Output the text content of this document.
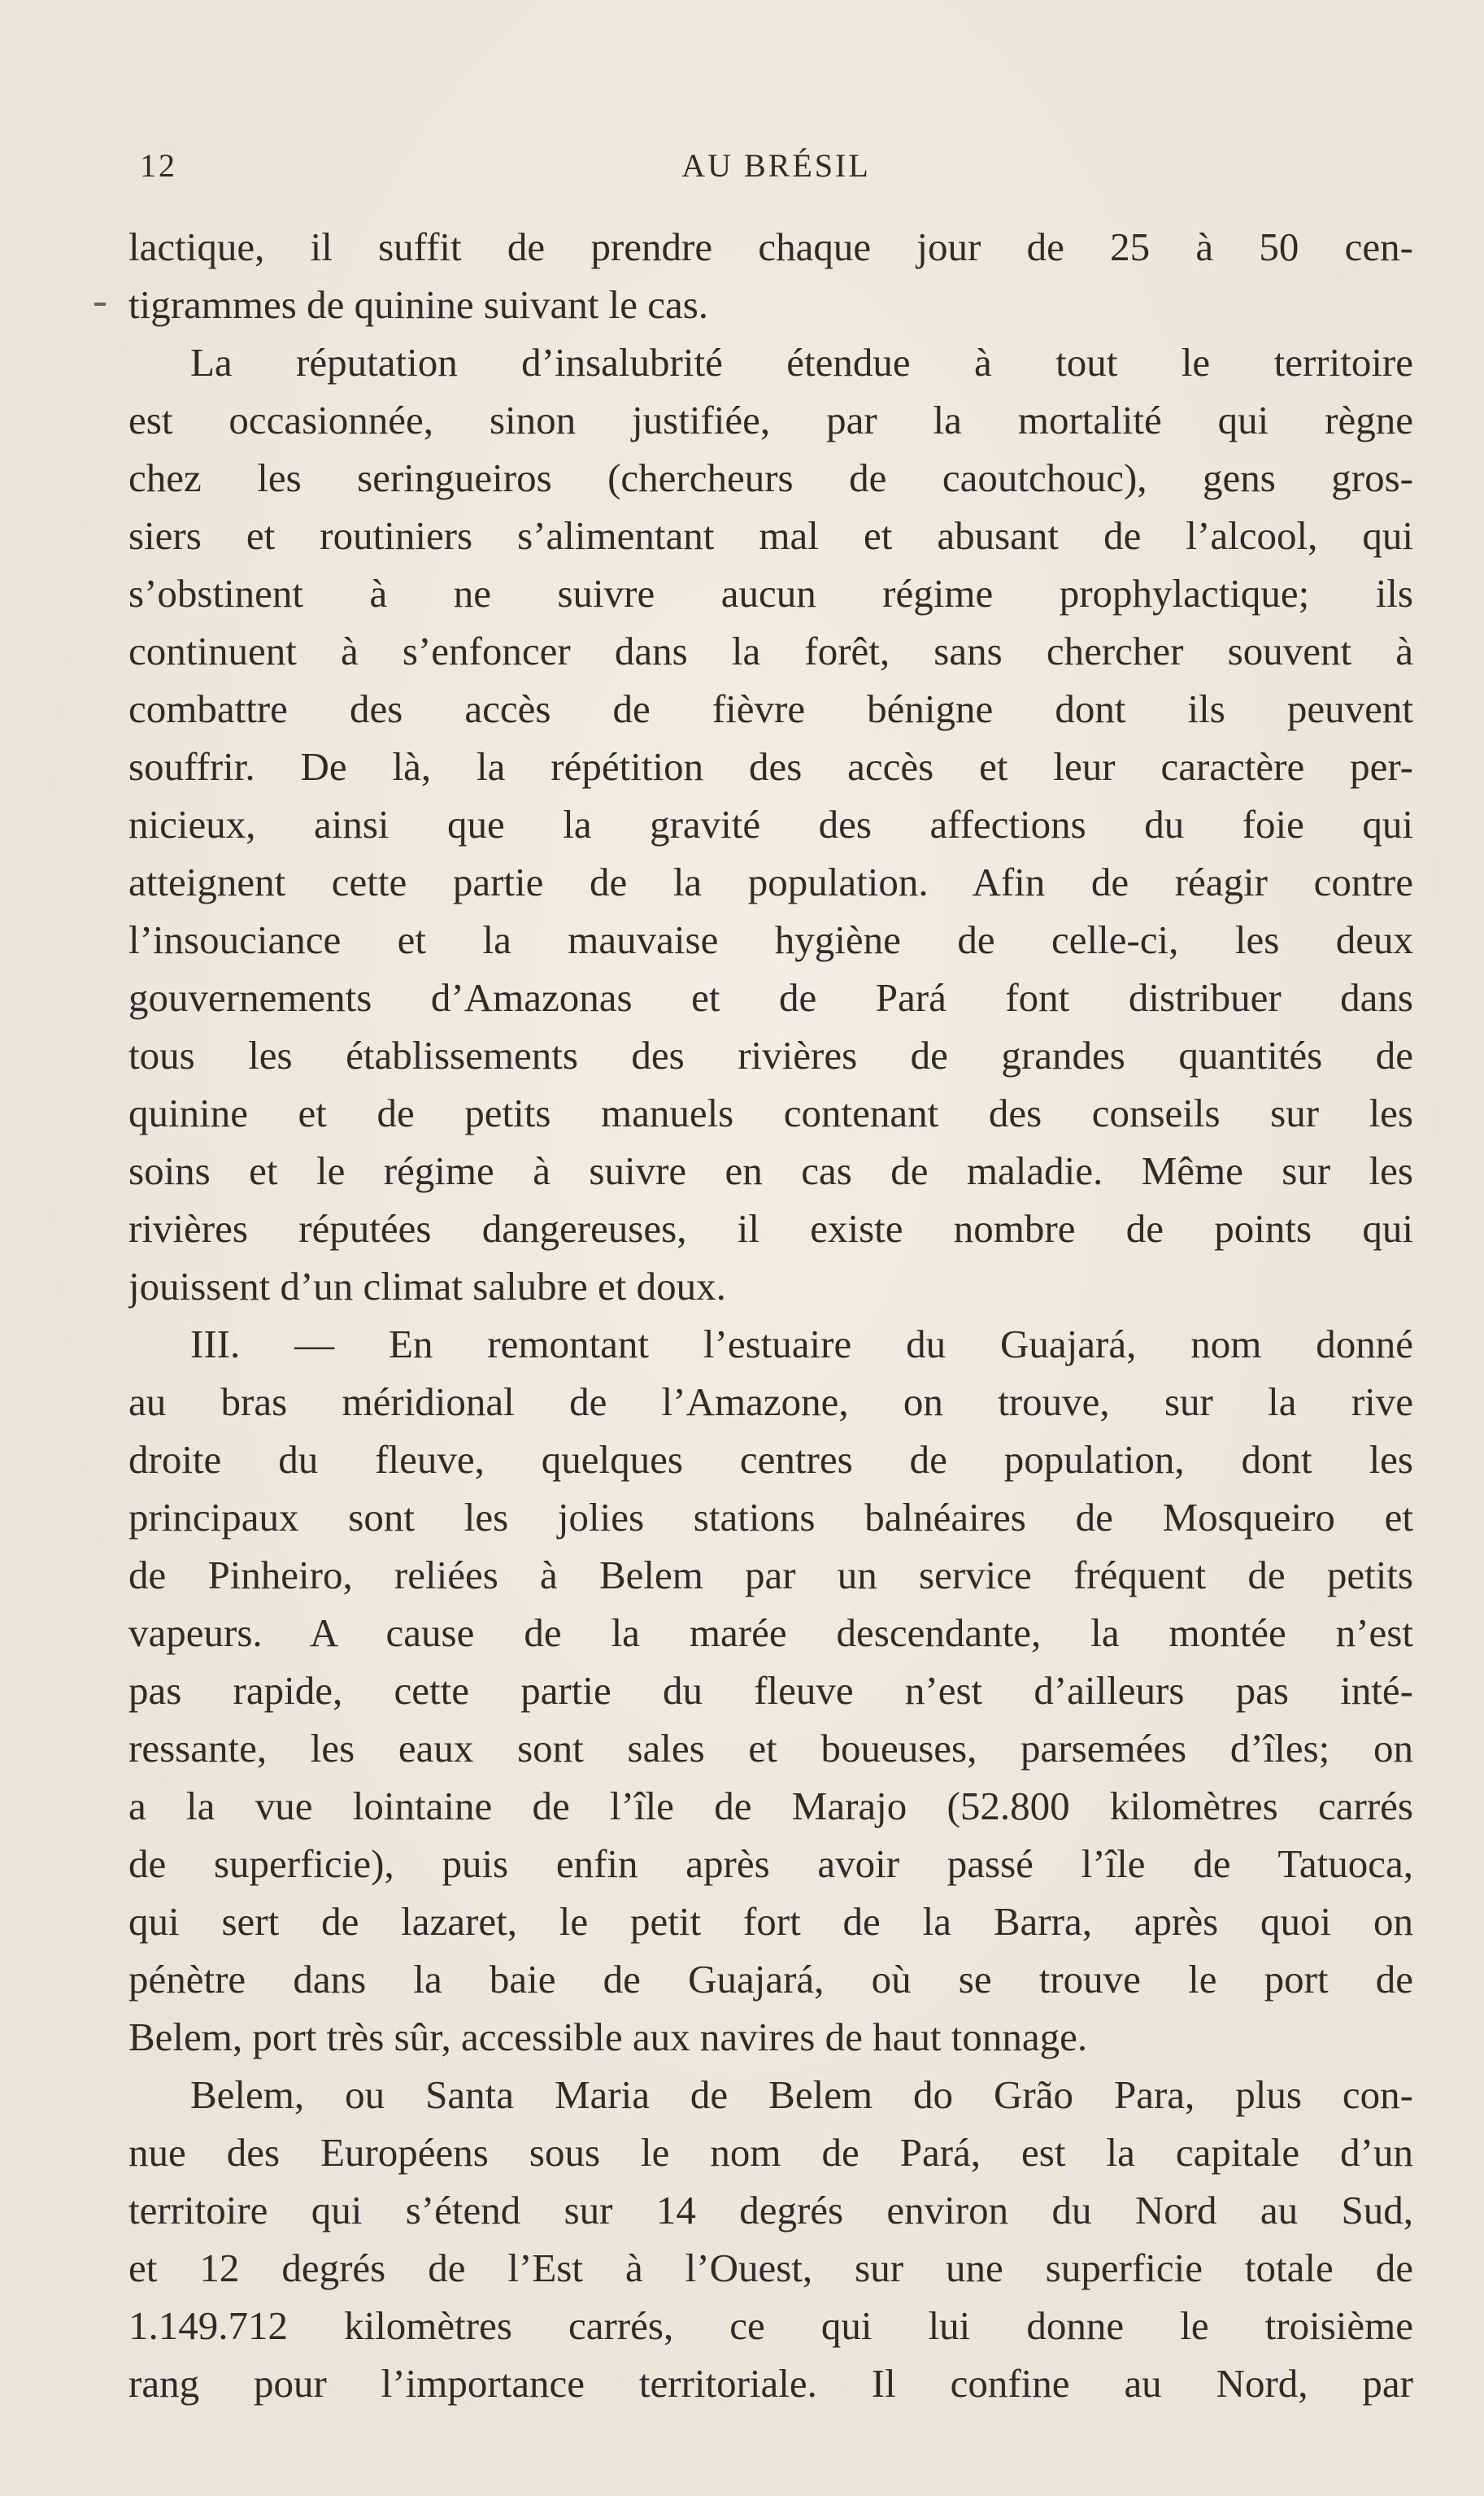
12	AU BRÉSIL
lactique, il suffit de prendre chaque jour de 25 à 50 cen-
tigrammes de quinine suivant le cas.
La réputation d’insalubrité étendue à tout le territoire
est occasionnée, sinon justifiée, par la mortalité qui règne
chez les seringueiros (chercheurs de caoutchouc), gens gros-
siers et routiniers s’alimentant mal et abusant de l’alcool, qui
s’obstinent à ne suivre aucun régime prophylactique; ils
continuent à s’enfoncer dans la forêt, sans chercher souvent à
combattre des accès de fièvre bénigne dont ils peuvent
souffrir. De là, la répétition des accès et leur caractère per-
nicieux, ainsi que la gravité des affections du foie qui
atteignent cette partie de la population. Afin de réagir contre
l’insouciance et la mauvaise hygiène de celle-ci, les deux
gouvernements d’Amazonas et de Pará font distribuer dans
tous les établissements des rivières de grandes quantités de
quinine et de petits manuels contenant des conseils sur les
soins et le régime à suivre en cas de maladie. Même sur les
rivières réputées dangereuses, il existe nombre de points qui
jouissent d’un climat salubre et doux.
III. — En remontant l’estuaire du Guajará, nom donné
au bras méridional de l’Amazone, on trouve, sur la rive
droite du fleuve, quelques centres de population, dont les
principaux sont les jolies stations balnéaires de Mosqueiro et
de Pinheiro, reliées à Belem par un service fréquent de petits
vapeurs. A cause de la marée descendante, la montée n’est
pas rapide, cette partie du fleuve n’est d’ailleurs pas inté-
ressante, les eaux sont sales et boueuses, parsemées d’îles; on
a la vue lointaine de l’île de Marajo (52.800 kilomètres carrés
de superficie), puis enfin après avoir passé l’île de Tatuoca,
qui sert de lazaret, le petit fort de la Barra, après quoi on
pénètre dans la baie de Guajará, où se trouve le port de
Belem, port très sûr, accessible aux navires de haut tonnage.
Belem, ou Santa Maria de Belem do Grão Para, plus con-
nue des Européens sous le nom de Pará, est la capitale d’un
territoire qui s’étend sur 14 degrés environ du Nord au Sud,
et 12 degrés de l’Est à l’Ouest, sur une superficie totale de
1.149.712 kilomètres carrés, ce qui lui donne le troisième
rang pour l’importance territoriale. Il confine au Nord, par
